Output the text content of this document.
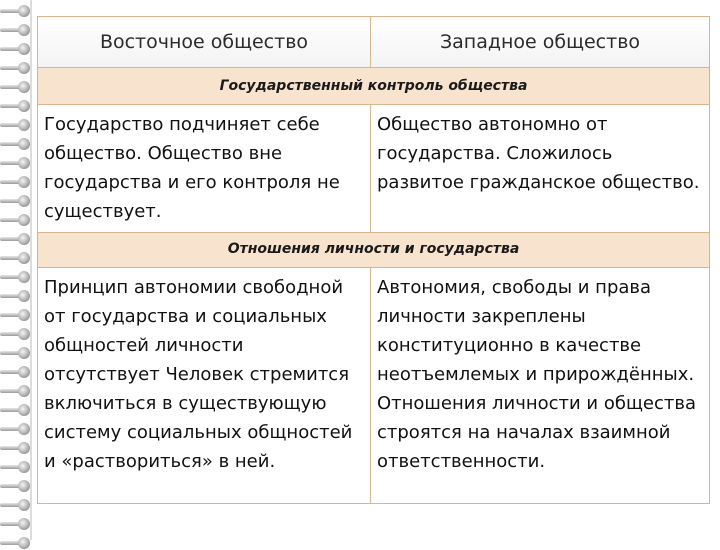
Восточное общество	Западное общество
Государственный контроль общества	

Государство подчиняет себе общество. Общество вне государства и его контроля не существует.	Общество автономно от государства. Сложилось развитое гражданское общество.

Отношения личности и государства	

Принцип автономии свободной от государства и социальных общностей личности отсутствует Человек стремится включиться в существующую систему социальных общностей и «раствориться» в ней.	Автономия, свободы и права личности закреплены конституционно в качестве неотъемлемых и прирождённых. Отношения личности и общества строятся на началах взаимной ответственности.
